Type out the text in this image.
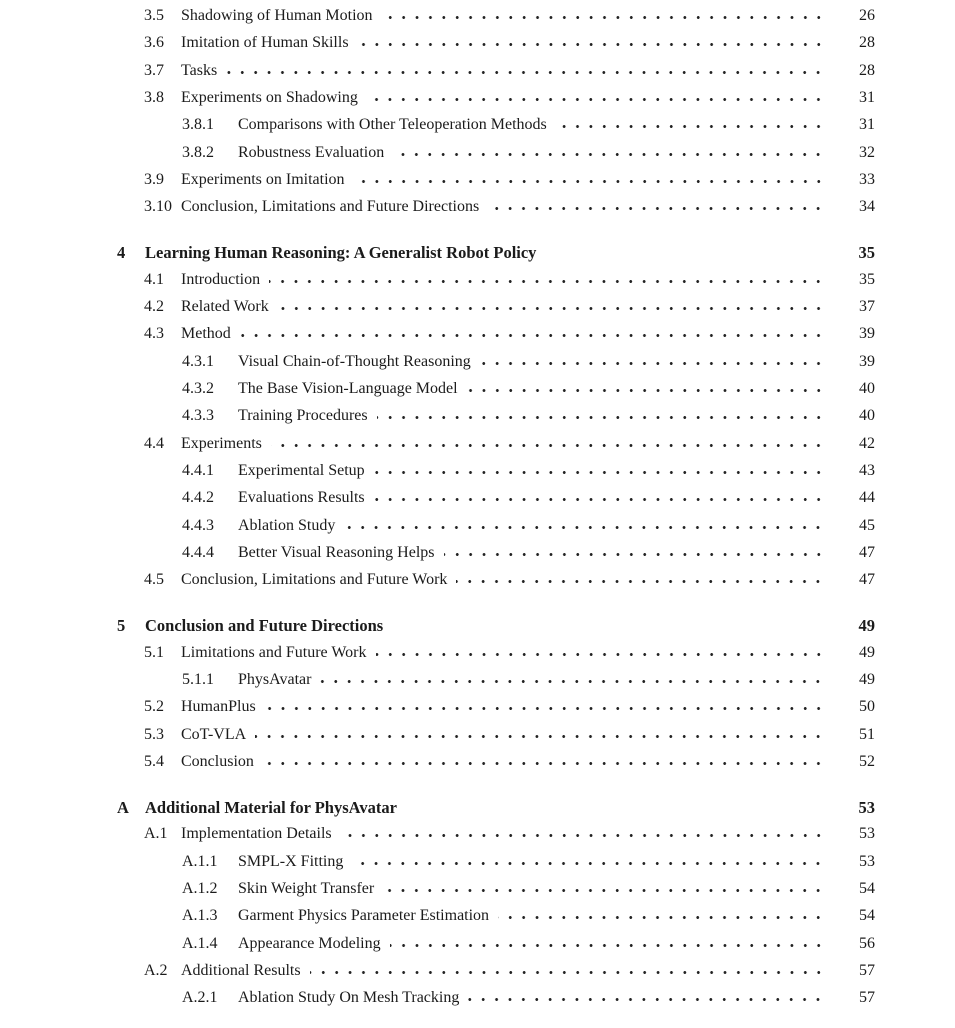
3.5	Shadowing of Human Motion	26
3.6	Imitation of Human Skills	28
3.7	Tasks	28
3.8	Experiments on Shadowing	31
3.8.1	Comparisons with Other Teleoperation Methods	31
3.8.2	Robustness Evaluation	32
3.9	Experiments on Imitation	33
3.10 Conclusion, Limitations and Future Directions	34
4	Learning Human Reasoning: A Generalist Robot Policy	35
4.1	Introduction	35
4.2	Related Work	37
4.3	Method	39
4.3.1	Visual Chain-of-Thought Reasoning	39
4.3.2	The Base Vision-Language Model	40
4.3.3	Training Procedures	40
4.4	Experiments	42
4.4.1	Experimental Setup	43
4.4.2	Evaluations Results	44
4.4.3	Ablation Study	45
4.4.4	Better Visual Reasoning Helps	47
4.5	Conclusion, Limitations and Future Work	47
5	Conclusion and Future Directions	49
5.1	Limitations and Future Work	49
5.1.1	PhysAvatar	49
5.2	HumanPlus	50
5.3	CoT-VLA	51
5.4	Conclusion	52
A Additional Material for PhysAvatar	53
A.1 Implementation Details	53
A.1.1	SMPL-X Fitting	53
A.1.2	Skin Weight Transfer	54
A.1.3	Garment Physics Parameter Estimation	54
A.1.4	Appearance Modeling	56
A.2 Additional Results	57
A.2.1	Ablation Study On Mesh Tracking	57
